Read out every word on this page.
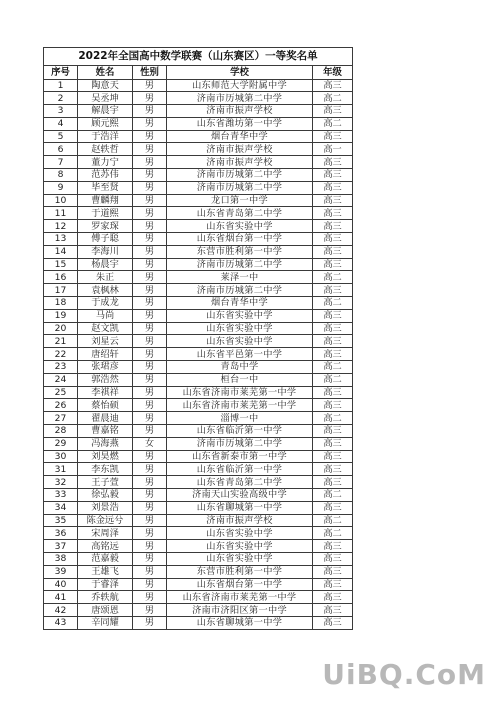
2022年全国高中数学联赛（山东赛区）一等奖名单				
序号	姓名	性别	学校	年级
1	陶意天	男	山东师范大学附属中学	高三
2	吴丞坤	男	济南市历城第二中学	高二
3	解晨宇	男	济南市振声学校	高三
4	顾元熙	男	山东省潍坊第一中学	高二
5	于浩洋	男	烟台青华中学	高三
6	赵轶哲	男	济南市振声学校	高一
7	董力宁	男	济南市振声学校	高三
8	范苏伟	男	济南市历城第二中学	高三
9	毕至贤	男	济南市历城第二中学	高三
10	曹麟翔	男	龙口第一中学	高三
11	于道熙	男	山东省青岛第二中学	高三
12	罗家琛	男	山东省实验中学	高三
13	傅子聪	男	山东省烟台第一中学	高三
14	李海川	男	东营市胜利第一中学	高三
15	杨晨宇	男	济南市历城第二中学	高三
16	朱正	男	莱泽一中	高二
17	袁枫林	男	济南市历城第二中学	高三
18	于成龙	男	烟台青华中学	高二
19	马尚	男	山东省实验中学	高三
20	赵文凯	男	山东省实验中学	高三
21	刘星云	男	山东省实验中学	高三
22	唐绍轩	男	山东省平邑第一中学	高三
23	张珺彦	男	青岛中学	高二
24	郭浩然	男	桓台一中	高二
25	李祺祥	男	山东省济南市莱芜第一中学	高三
26	蔡怡硕	男	山东省济南市莱芜第一中学	高三
27	翟晨迪	男	淄博一中	高二
28	曹嘉铭	男	山东省临沂第一中学	高三
29	冯海燕	女	济南市历城第二中学	高三
30	刘昊燃	男	山东省新泰市第一中学	高三
31	李东凯	男	山东省临沂第一中学	高三
32	王子萱	男	山东省青岛第二中学	高三
33	徐弘毅	男	济南天山实验高级中学	高二
34	刘景浩	男	山东省聊城第一中学	高三
35	陈金远兮	男	济南市振声学校	高二
36	宋周泽	男	山东省实验中学	高二
37	高铭远	男	山东省实验中学	高三
38	范嘉毅	男	山东省实验中学	高三
39	王雄飞	男	东营市胜利第一中学	高三
40	于睿泽	男	山东省烟台第一中学	高三
41	乔轶航	男	山东省济南市莱芜第一中学	高三
42	唐颂恩	男	济南市济阳区第一中学	高三
43	辛同耀	男	山东省聊城第一中学	高三
UiBQ.CoM
